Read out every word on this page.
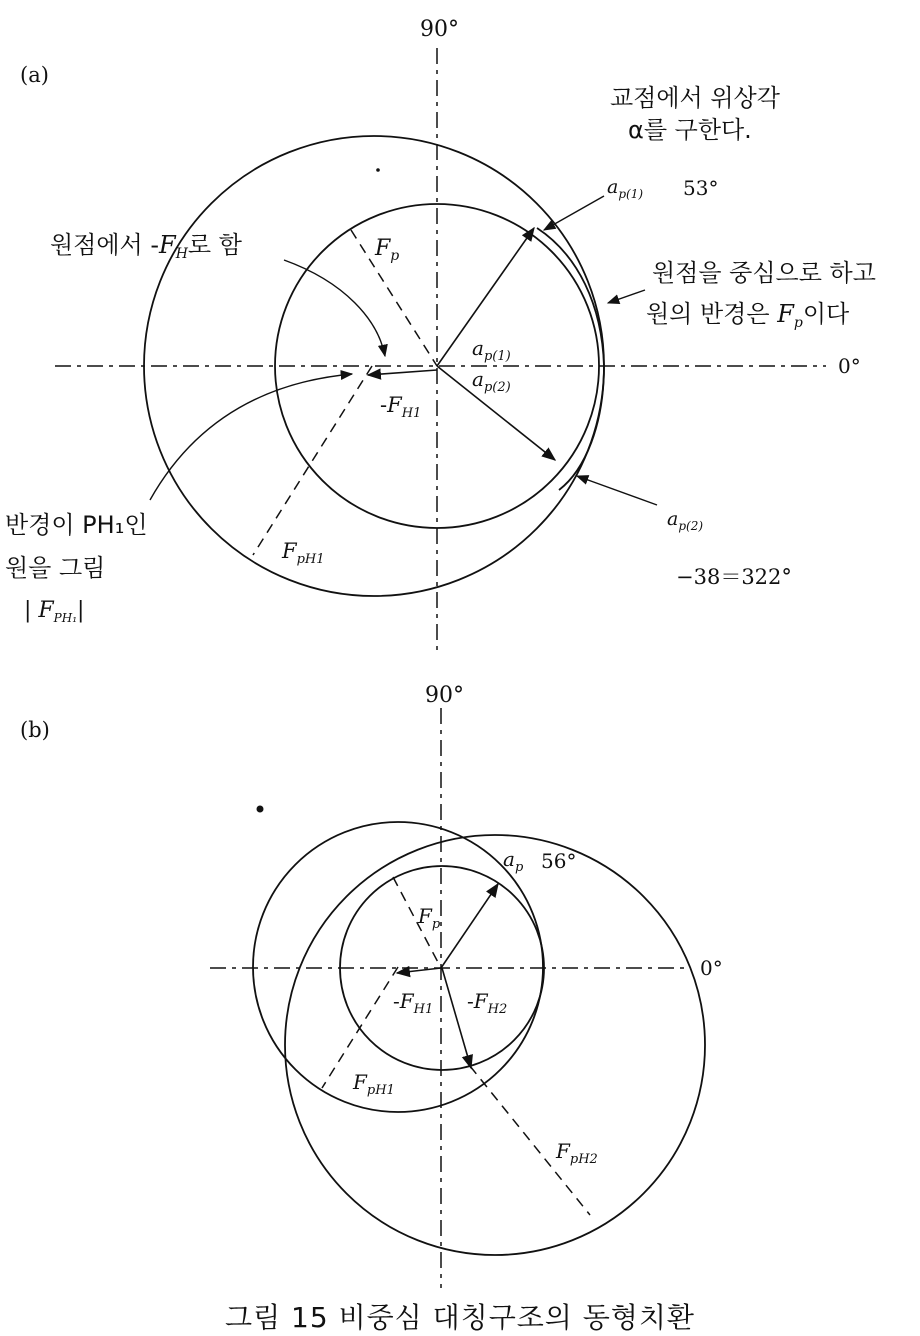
(a)
90°
0°
$F_p$
$a_{p(1)}$
$a_{p(2)}$
$-F_{H1}$
$F_{pH1}$
$a_{p(1)}$ 53°
교점에서 위상각
α를 구한다.
원점에서 $-F_H$로 함
원점을 중심으로 하고
원의 반경은 $F_p$이다
반경이 PH₁인
원을 그림
| $F_{PH_1}|$
$a_{p(2)}$
−38＝322°
(b)
90°
0°
$F_p$
$a_p$ 56°
$-F_{H1}$ $-F_{H2}$
$F_{pH1}$
$F_{pH2}$
그림 15 비중심 대칭구조의 동형치환
